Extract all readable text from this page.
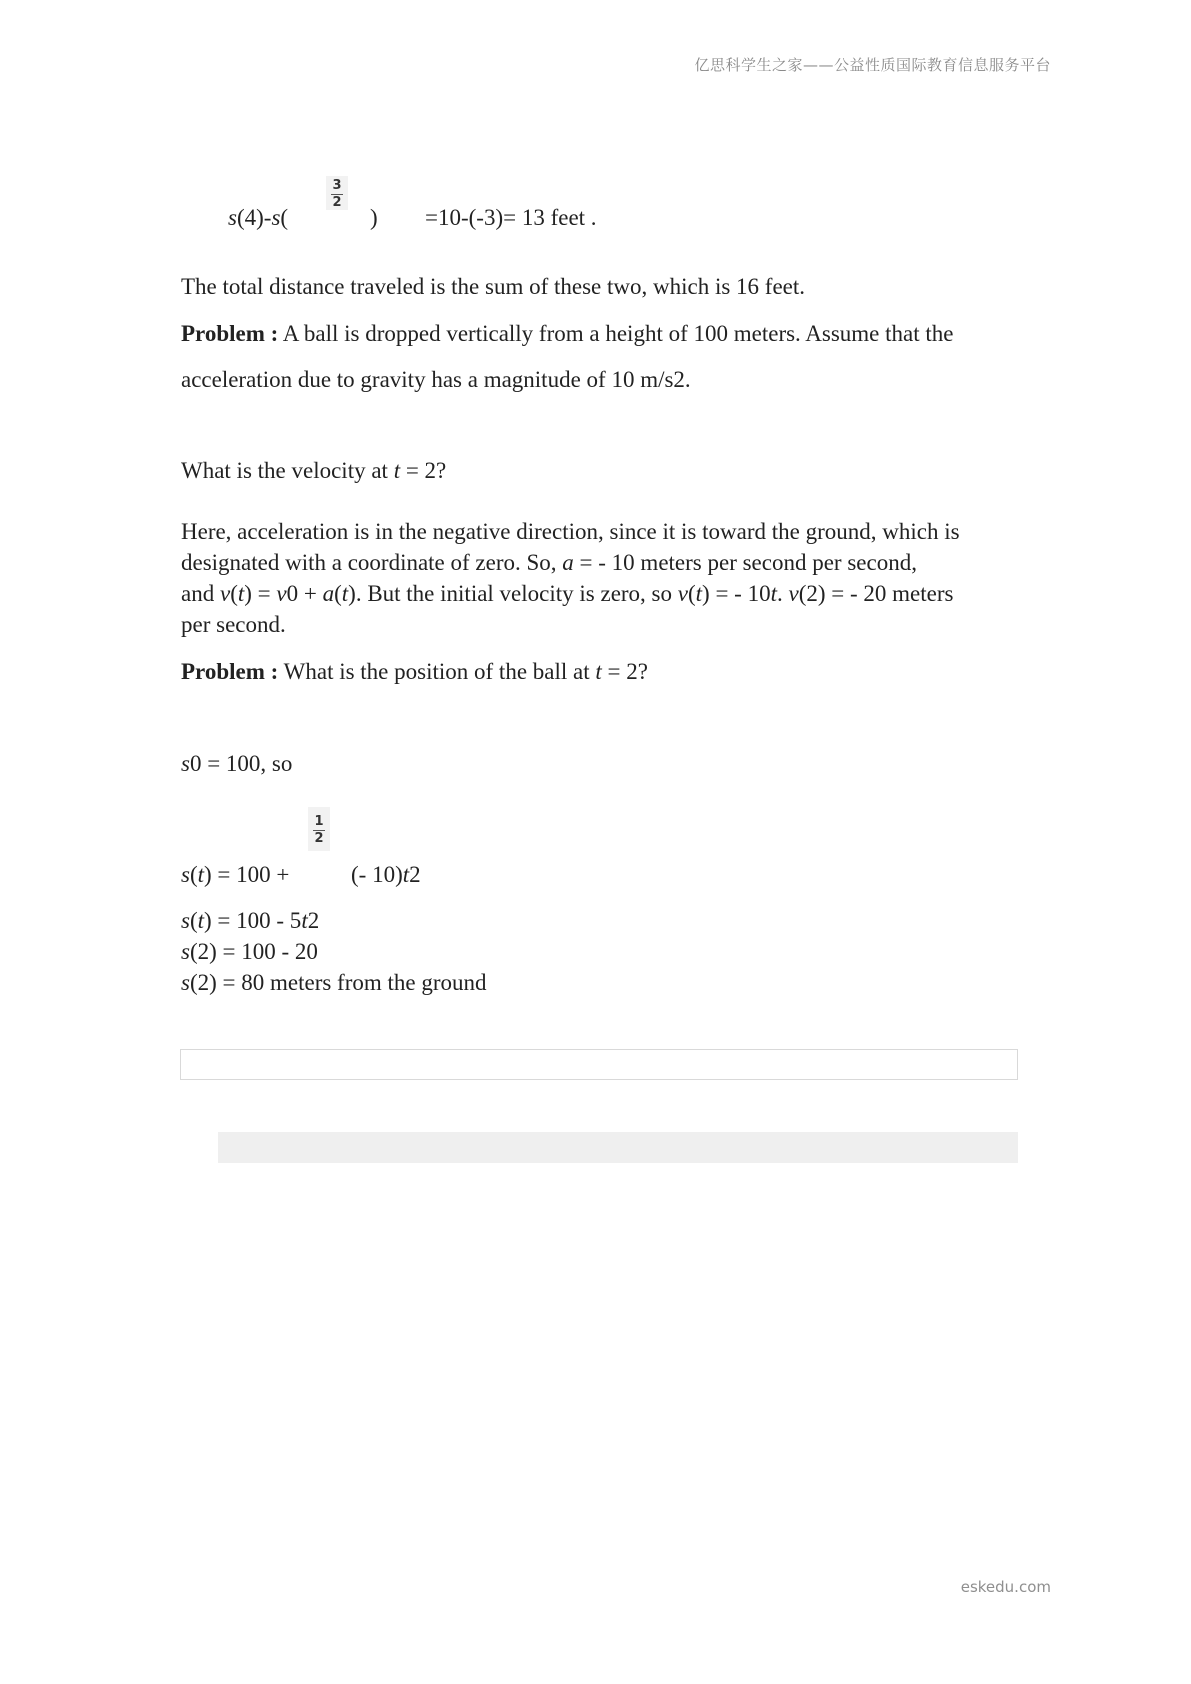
亿思科学生之家——公益性质国际教育信息服务平台
3
2
s(4)-s(	) =10-(-3)= 13 feet .
The total distance traveled is the sum of these two, which is 16 feet.
Problem : A ball is dropped vertically from a height of 100 meters. Assume that the
acceleration due to gravity has a magnitude of 10 m/s2.
What is the velocity at t = 2?
Here, acceleration is in the negative direction, since it is toward the ground, which is
designated with a coordinate of zero. So, a = - 10 meters per second per second,
and v(t) = v0 + a(t). But the initial velocity is zero, so v(t) = - 10t. v(2) = - 20 meters
per second.
Problem : What is the position of the ball at t = 2?
s0 = 100, so
1
2
s(t) = 100 +	(- 10)t2
s(t) = 100 - 5t2
s(2) = 100 - 20
s(2) = 80 meters from the ground
eskedu.com
